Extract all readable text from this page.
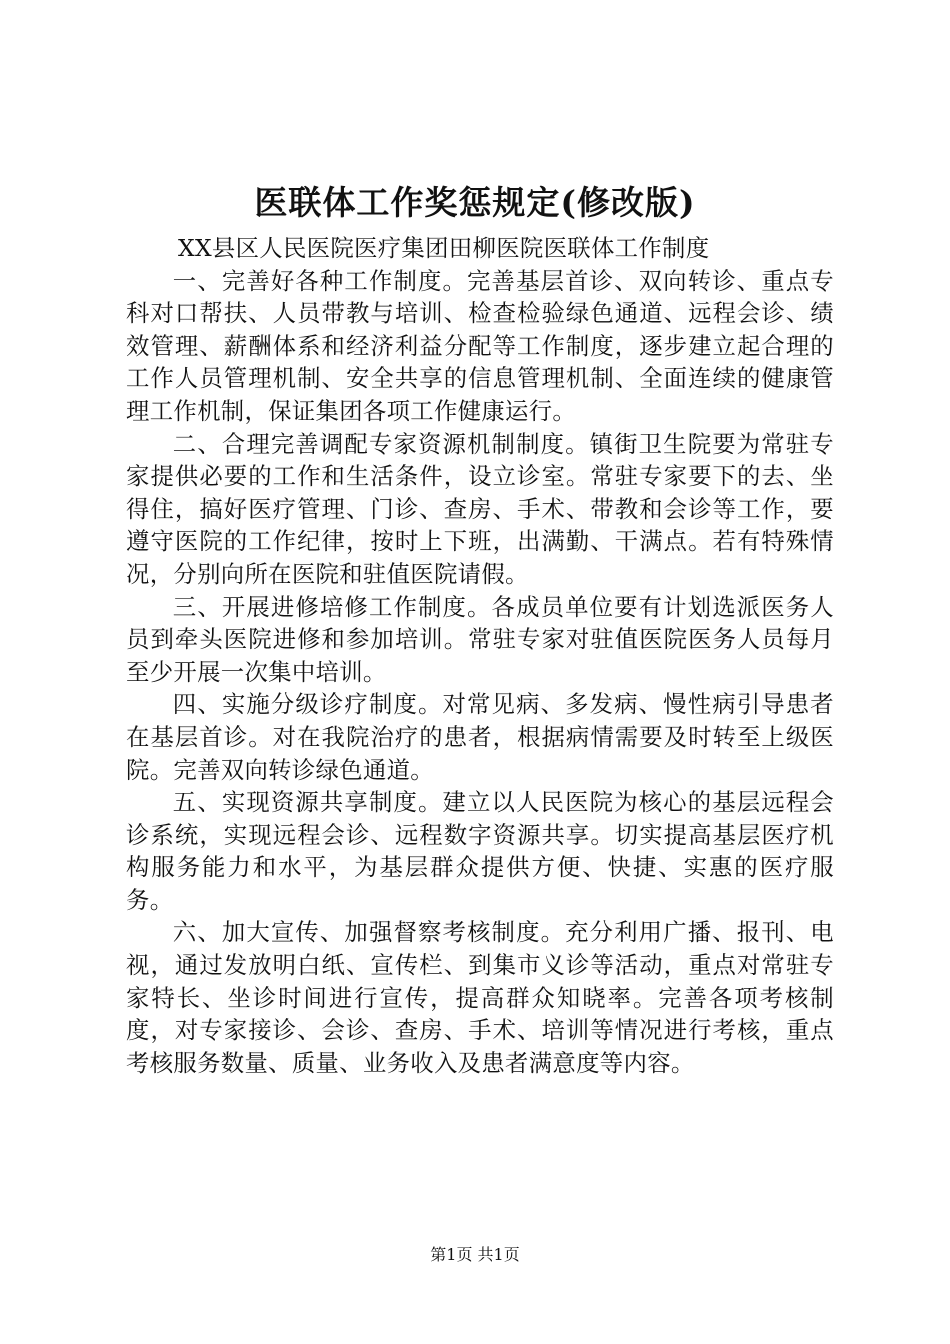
医联体工作奖惩规定(修改版)

XX县区人民医院医疗集团田柳医院医联体工作制度

一、完善好各种工作制度。完善基层首诊、双向转诊、重点专科对口帮扶、人员带教与培训、检查检验绿色通道、远程会诊、绩效管理、薪酬体系和经济利益分配等工作制度，逐步建立起合理的工作人员管理机制、安全共享的信息管理机制、全面连续的健康管理工作机制，保证集团各项工作健康运行。

二、合理完善调配专家资源机制制度。镇街卫生院要为常驻专家提供必要的工作和生活条件，设立诊室。常驻专家要下的去、坐得住，搞好医疗管理、门诊、查房、手术、带教和会诊等工作，要遵守医院的工作纪律，按时上下班，出满勤、干满点。若有特殊情况，分别向所在医院和驻值医院请假。

三、开展进修培修工作制度。各成员单位要有计划选派医务人员到牵头医院进修和参加培训。常驻专家对驻值医院医务人员每月至少开展一次集中培训。

四、实施分级诊疗制度。对常见病、多发病、慢性病引导患者在基层首诊。对在我院治疗的患者，根据病情需要及时转至上级医院。完善双向转诊绿色通道。

五、实现资源共享制度。建立以人民医院为核心的基层远程会诊系统，实现远程会诊、远程数字资源共享。切实提高基层医疗机构服务能力和水平，为基层群众提供方便、快捷、实惠的医疗服务。

六、加大宣传、加强督察考核制度。充分利用广播、报刊、电视，通过发放明白纸、宣传栏、到集市义诊等活动，重点对常驻专家特长、坐诊时间进行宣传，提高群众知晓率。完善各项考核制度，对专家接诊、会诊、查房、手术、培训等情况进行考核，重点考核服务数量、质量、业务收入及患者满意度等内容。

第1页 共1页
